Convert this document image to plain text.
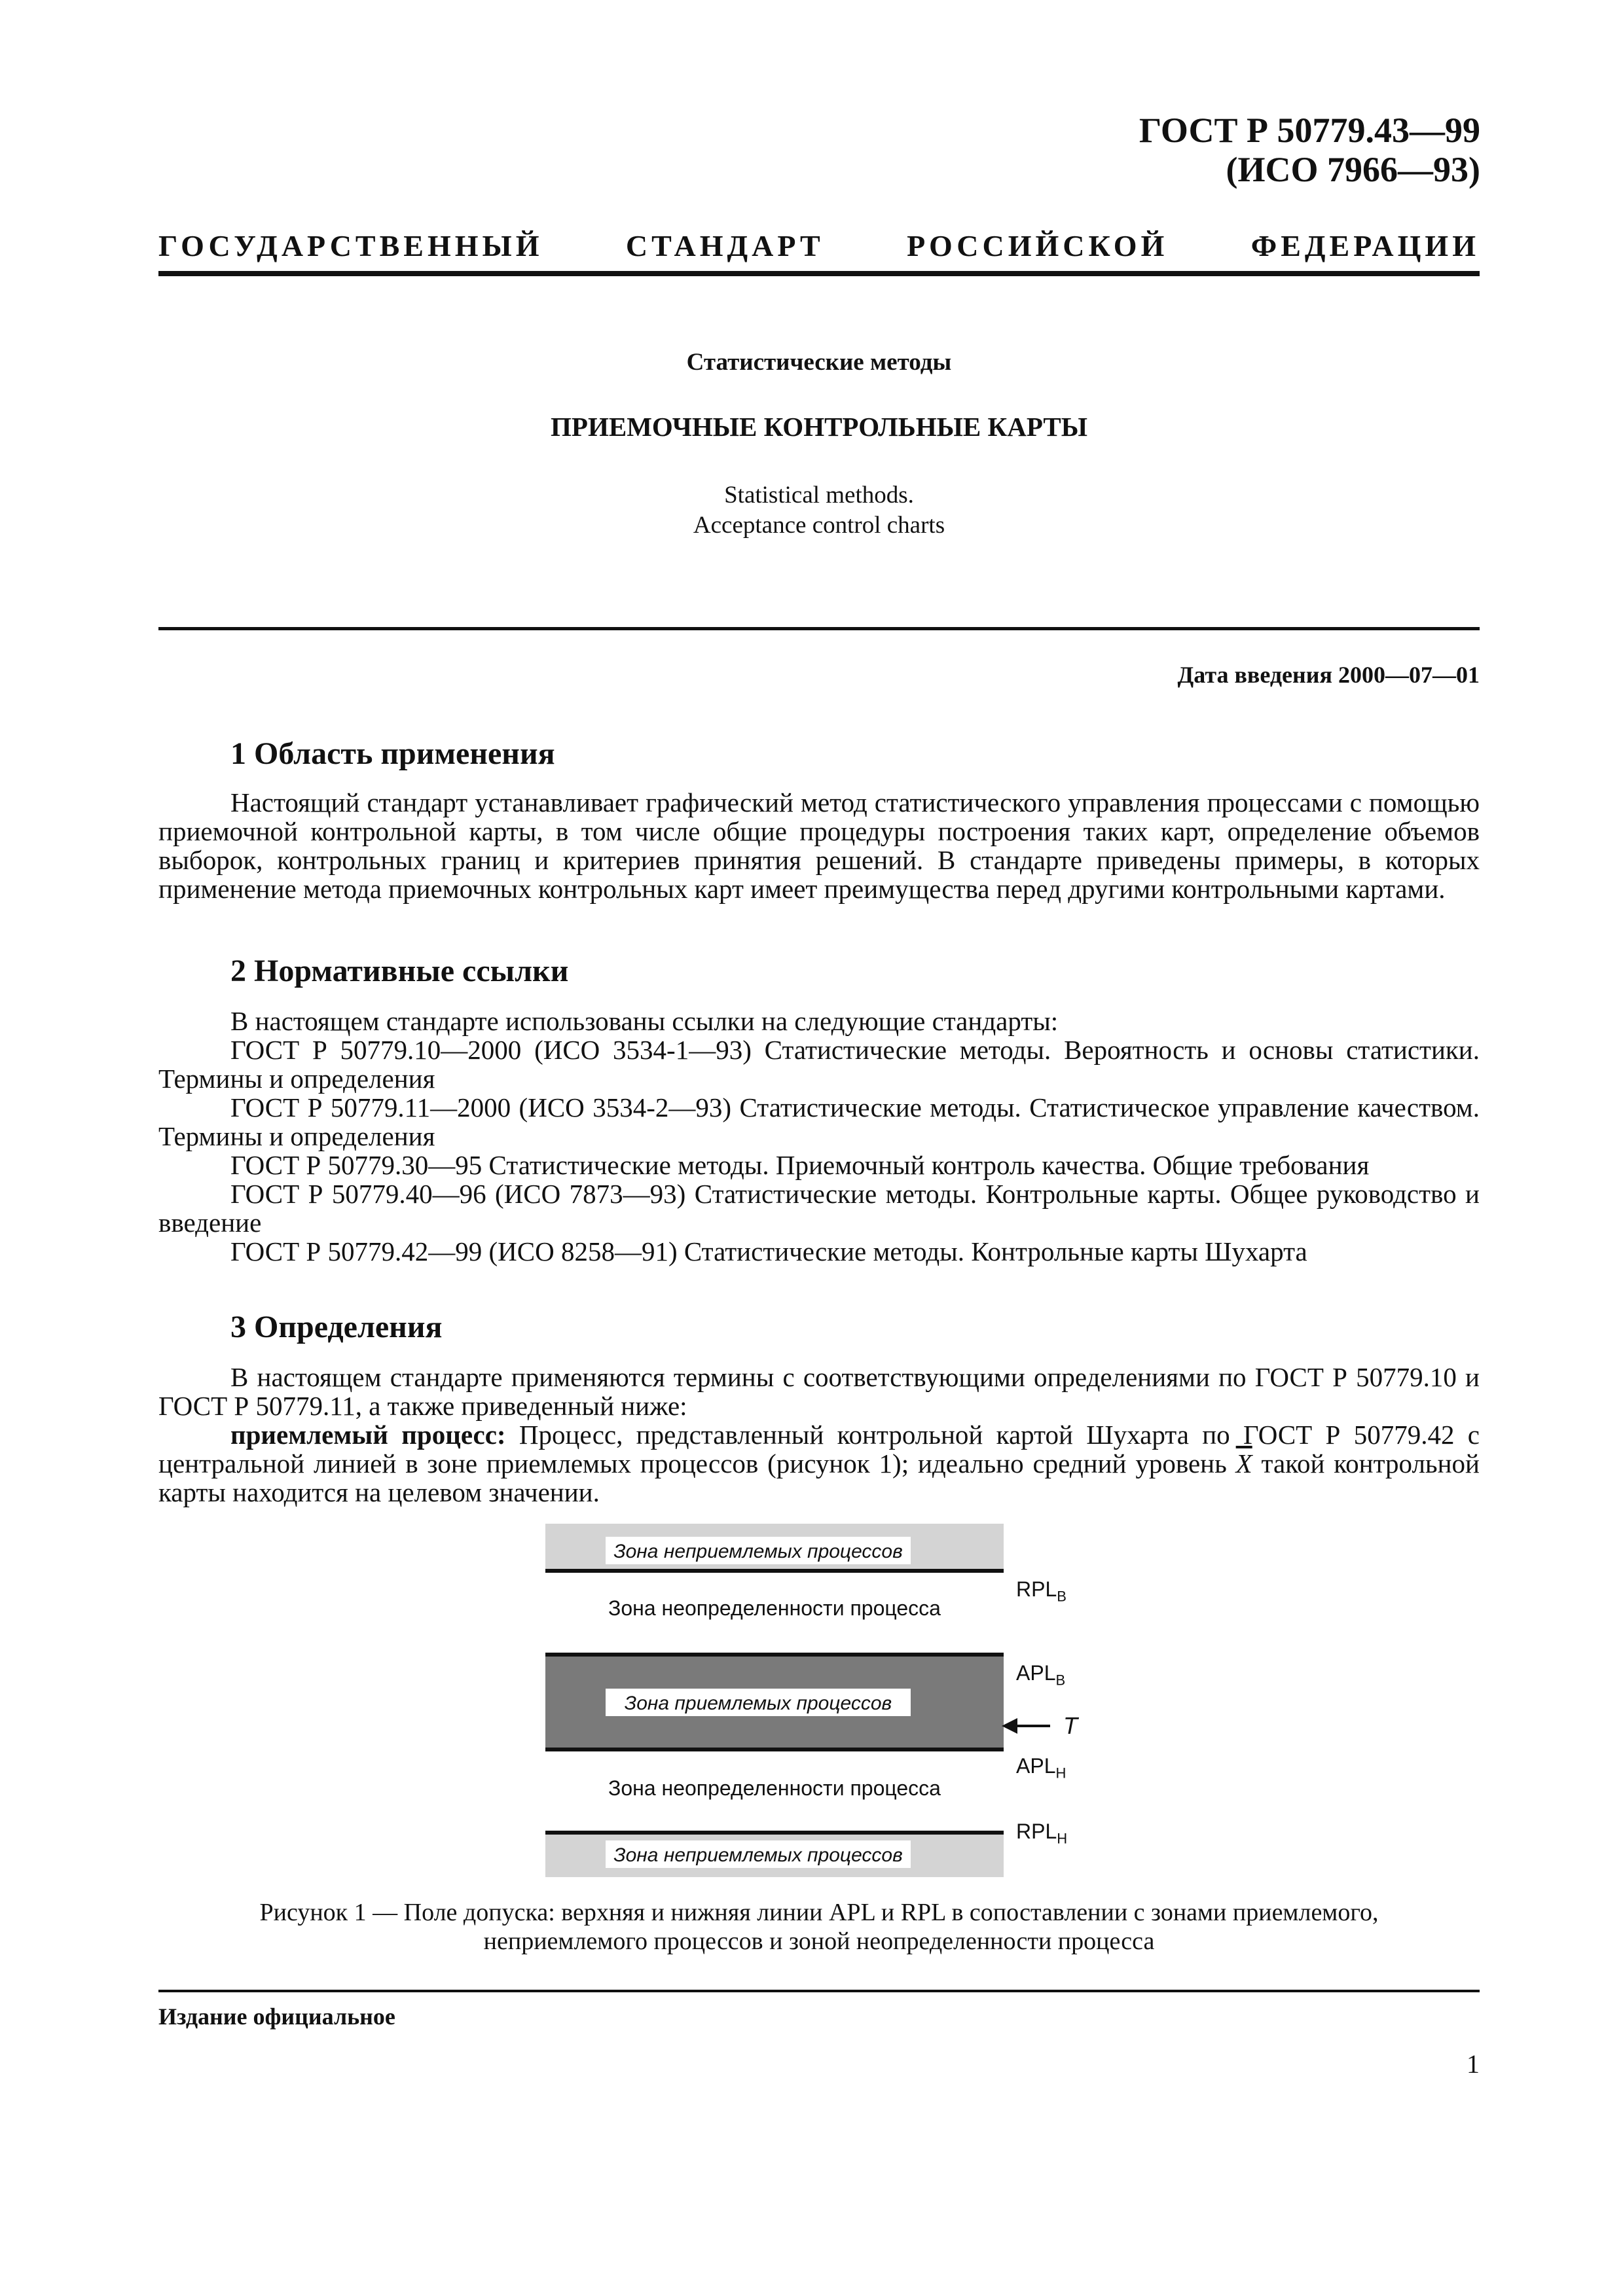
ГОСТ Р 50779.43—99
(ИСО 7966—93)
ГОСУДАРСТВЕННЫЙ СТАНДАРТ РОССИЙСКОЙ ФЕДЕРАЦИИ
Статистические методы
ПРИЕМОЧНЫЕ КОНТРОЛЬНЫЕ КАРТЫ
Statistical methods.
Acceptance control charts
Дата введения 2000—07—01
1 Область применения

Настоящий стандарт устанавливает графический метод статистического управления процессами с помощью приемочной контрольной карты, в том числе общие процедуры построения таких карт, определение объемов выборок, контрольных границ и критериев принятия решений. В стандарте приведены примеры, в которых применение метода приемочных контрольных карт имеет преимущества перед другими контрольными картами.

2 Нормативные ссылки

В настоящем стандарте использованы ссылки на следующие стандарты:

ГОСТ Р 50779.10—2000 (ИСО 3534-1—93) Статистические методы. Вероятность и основы статистики. Термины и определения

ГОСТ Р 50779.11—2000 (ИСО 3534-2—93) Статистические методы. Статистическое управление качеством. Термины и определения

ГОСТ Р 50779.30—95 Статистические методы. Приемочный контроль качества. Общие требования

ГОСТ Р 50779.40—96 (ИСО 7873—93) Статистические методы. Контрольные карты. Общее руководство и введение

ГОСТ Р 50779.42—99 (ИСО 8258—91) Статистические методы. Контрольные карты Шухарта

3 Определения

В настоящем стандарте применяются термины с соответствующими определениями по ГОСТ Р 50779.10 и ГОСТ Р 50779.11, а также приведенный ниже:

приемлемый процесс: Процесс, представленный контрольной картой Шухарта по ГОСТ Р 50779.42 с центральной линией в зоне приемлемых процессов (рисунок 1); идеально средний уровень $\overline{X}$ такой контрольной карты находится на целевом значении.

Зона неприемлемых процессов
Зона неопределенности процесса
Зона приемлемых процессов
Зона неопределенности процесса
Зона неприемлемых процессов
$RPL_В$
$APL_В$
T
$APL_Н$
$RPL_Н$
Рисунок 1 — Поле допуска: верхняя и нижняя линии APL и RPL в сопоставлении с зонами приемлемого,
неприемлемого процессов и зоной неопределенности процесса
Издание официальное
1
